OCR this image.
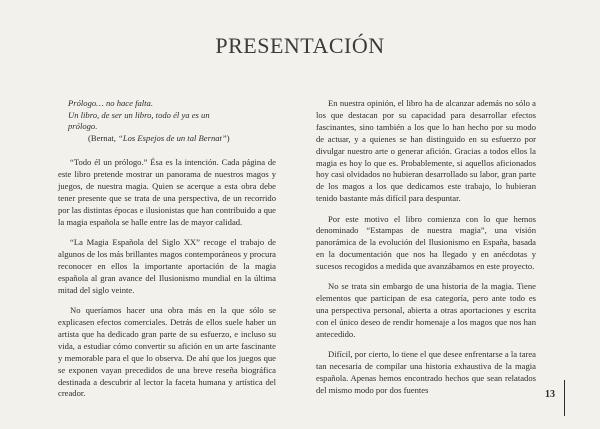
PRESENTACIÓN
Prólogo… no hace falta.
Un libro, de ser un libro, todo él ya es un
prólogo.
(Bernat, “Los Espejos de un tal Bernat”)

“Todo él un prólogo.” Ésa es la intención. Cada página de este libro pretende mostrar un panorama de nuestros magos y juegos, de nuestra magia. Quien se acerque a esta obra debe tener presente que se trata de una perspectiva, de un recorrido por las distintas épocas e ilusionistas que han contribuido a que la magia española se halle entre las de mayor calidad.

“La Magia Española del Siglo XX” recoge el trabajo de algunos de los más brillantes magos contemporáneos y procura reconocer en ellos la importante aportación de la magia española al gran avance del Ilusionismo mundial en la última mitad del siglo veinte.

No queríamos hacer una obra más en la que sólo se explicasen efectos comerciales. Detrás de ellos suele haber un artista que ha dedicado gran parte de su esfuerzo, e incluso su vida, a estudiar cómo convertir su afición en un arte fascinante y memorable para el que lo observa. De ahí que los juegos que se exponen vayan precedidos de una breve reseña biográfica destinada a descubrir al lector la faceta humana y artística del creador.

En nuestra opinión, el libro ha de alcanzar además no sólo a los que destacan por su capacidad para desarrollar efectos fascinantes, sino también a los que lo han hecho por su modo de actuar, y a quienes se han distinguido en su esfuerzo por divulgar nuestro arte o generar afición. Gracias a todos ellos la magia es hoy lo que es. Probablemente, si aquellos aficionados hoy casi olvidados no hubieran desarrollado su labor, gran parte de los magos a los que dedicamos este trabajo, lo hubieran tenido bastante más difícil para despuntar.

Por este motivo el libro comienza con lo que hemos denominado “Estampas de nuestra magia”, una visión panorámica de la evolución del Ilusionismo en España, basada en la documentación que nos ha llegado y en anécdotas y sucesos recogidos a medida que avanzábamos en este proyecto.

No se trata sin embargo de una historia de la magia. Tiene elementos que participan de esa categoría, pero ante todo es una perspectiva personal, abierta a otras aportaciones y escrita con el único deseo de rendir homenaje a los magos que nos han antecedido.

Difícil, por cierto, lo tiene el que desee enfrentarse a la tarea tan necesaria de compilar una historia exhaustiva de la magia española. Apenas hemos encontrado hechos que sean relatados del mismo modo por dos fuentes	13
